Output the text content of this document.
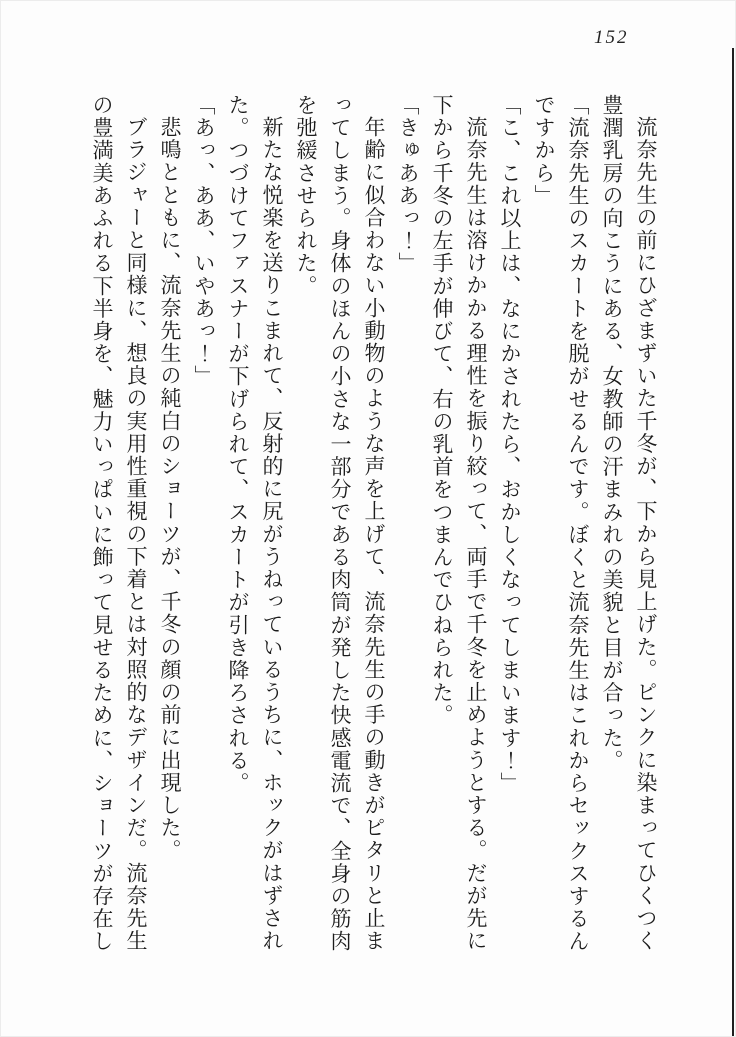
152

流奈先生の前にひざまずいた千冬が、下から見上げた。ピンクに染まってひくつく

豊潤乳房の向こうにある、女教師の汗まみれの美貌と目が合った。

「流奈先生のスカートを脱がせるんです。ぼくと流奈先生はこれからセックスするん

ですから」

「こ、これ以上は、なにかされたら、おかしくなってしまいます！」

流奈先生は溶けかかる理性を振り絞って、両手で千冬を止めようとする。だが先に

下から千冬の左手が伸びて、右の乳首をつまんでひねられた。

「きゅああっ！」

年齢に似合わない小動物のような声を上げて、流奈先生の手の動きがピタリと止ま

ってしまう。身体のほんの小さな一部分である肉筒が発した快感電流で、全身の筋肉

を弛緩させられた。

新たな悦楽を送りこまれて、反射的に尻がうねっているうちに、ホックがはずされ

た。つづけてファスナーが下げられて、スカートが引き降ろされる。

「あっ、ああ、いやあっ！」

悲鳴とともに、流奈先生の純白のショーツが、千冬の顔の前に出現した。

ブラジャーと同様に、想良の実用性重視の下着とは対照的なデザインだ。流奈先生

の豊満美あふれる下半身を、魅力いっぱいに飾って見せるために、ショーツが存在し
